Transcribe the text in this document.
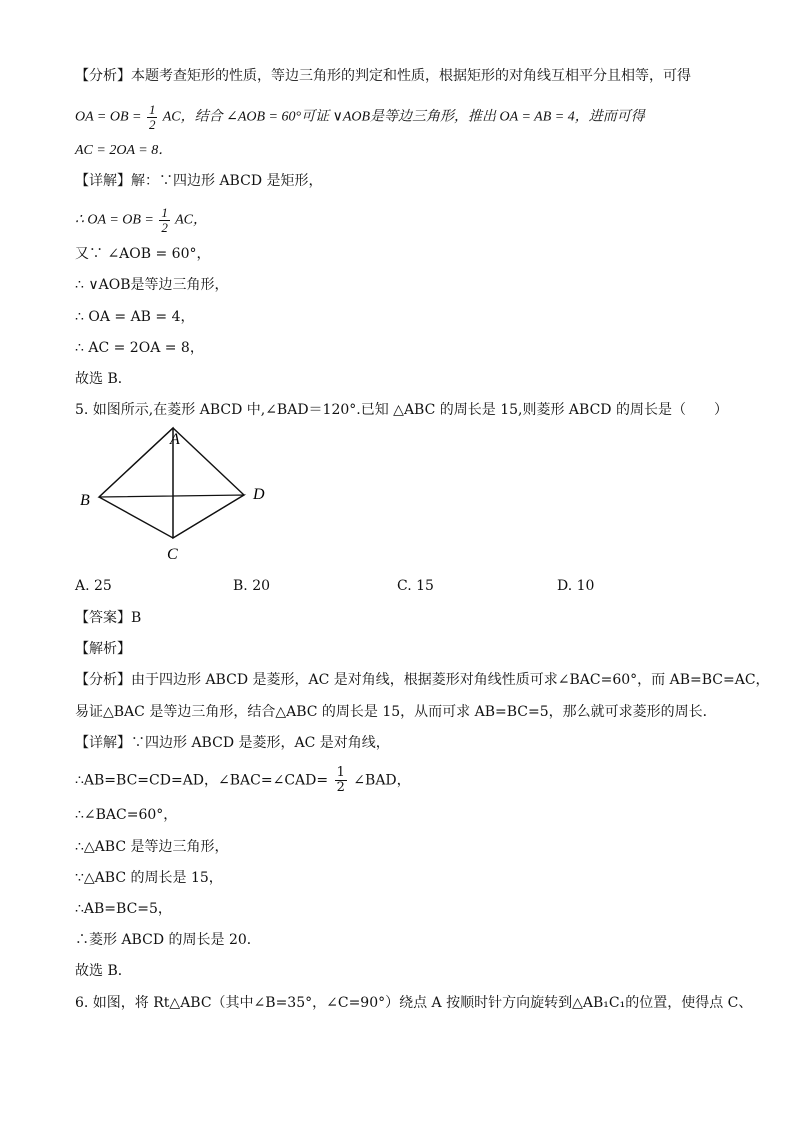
【分析】本题考查矩形的性质，等边三角形的判定和性质，根据矩形的对角线互相平分且相等，可得
OA = OB = $\frac{1}{2}$ AC，结合 ∠AOB = 60°可证 ∨AOB是等边三角形，推出 OA = AB = 4，进而可得
AC = 2OA = 8．
【详解】解：∵四边形 ABCD 是矩形，
∴ OA = OB = $\frac{1}{2}$ AC，
又∵ ∠AOB = 60°，
∴ ∨AOB是等边三角形，
∴ OA = AB = 4，
∴ AC = 2OA = 8，
故选 B．
5. 如图所示,在菱形 ABCD 中,∠BAD＝120°.已知 △ABC 的周长是 15,则菱形 ABCD 的周长是（　　）
A
B
C
D
A. 25	B. 20	C. 15	D. 10
【答案】B
【解析】
【分析】由于四边形 ABCD 是菱形，AC 是对角线，根据菱形对角线性质可求∠BAC=60°，而 AB=BC=AC，
易证△BAC 是等边三角形，结合△ABC 的周长是 15，从而可求 AB=BC=5，那么就可求菱形的周长．
【详解】∵四边形 ABCD 是菱形，AC 是对角线，
∴AB=BC=CD=AD，∠BAC=∠CAD= $\frac{1}{2}$ ∠BAD，
∴∠BAC=60°，
∴△ABC 是等边三角形，
∵△ABC 的周长是 15，
∴AB=BC=5，
∴菱形 ABCD 的周长是 20．
故选 B．
6. 如图，将 Rt△ABC（其中∠B=35°，∠C=90°）绕点 A 按顺时针方向旋转到△AB₁C₁的位置，使得点 C、
